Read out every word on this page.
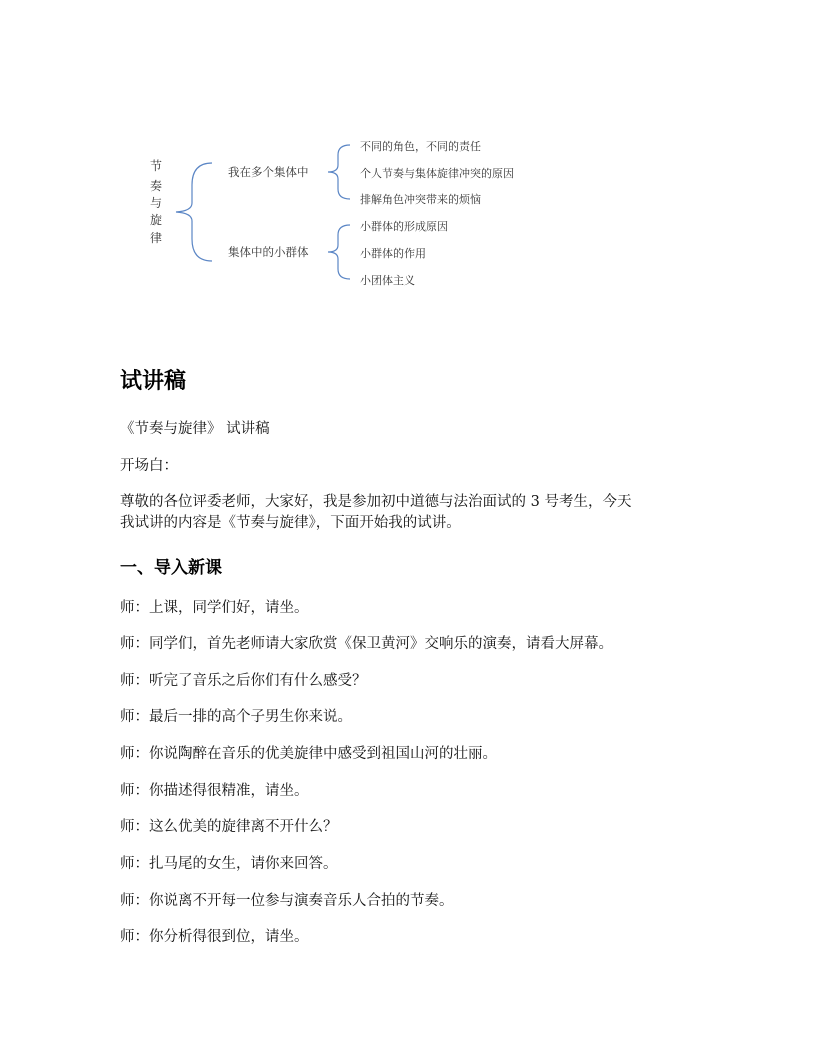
节
奏
与
旋
律
我在多个集体中
集体中的小群体
不同的角色，不同的责任
个人节奏与集体旋律冲突的原因
排解角色冲突带来的烦恼
小群体的形成原因
小群体的作用
小团体主义
试讲稿
《节奏与旋律》 试讲稿
开场白：
尊敬的各位评委老师，大家好，我是参加初中道德与法治面试的 3 号考生，今天
我试讲的内容是《节奏与旋律》，下面开始我的试讲。
一、导入新课
师：上课，同学们好，请坐。
师：同学们，首先老师请大家欣赏《保卫黄河》交响乐的演奏，请看大屏幕。
师：听完了音乐之后你们有什么感受？
师：最后一排的高个子男生你来说。
师：你说陶醉在音乐的优美旋律中感受到祖国山河的壮丽。
师：你描述得很精准，请坐。
师：这么优美的旋律离不开什么？
师：扎马尾的女生，请你来回答。
师：你说离不开每一位参与演奏音乐人合拍的节奏。
师：你分析得很到位，请坐。
